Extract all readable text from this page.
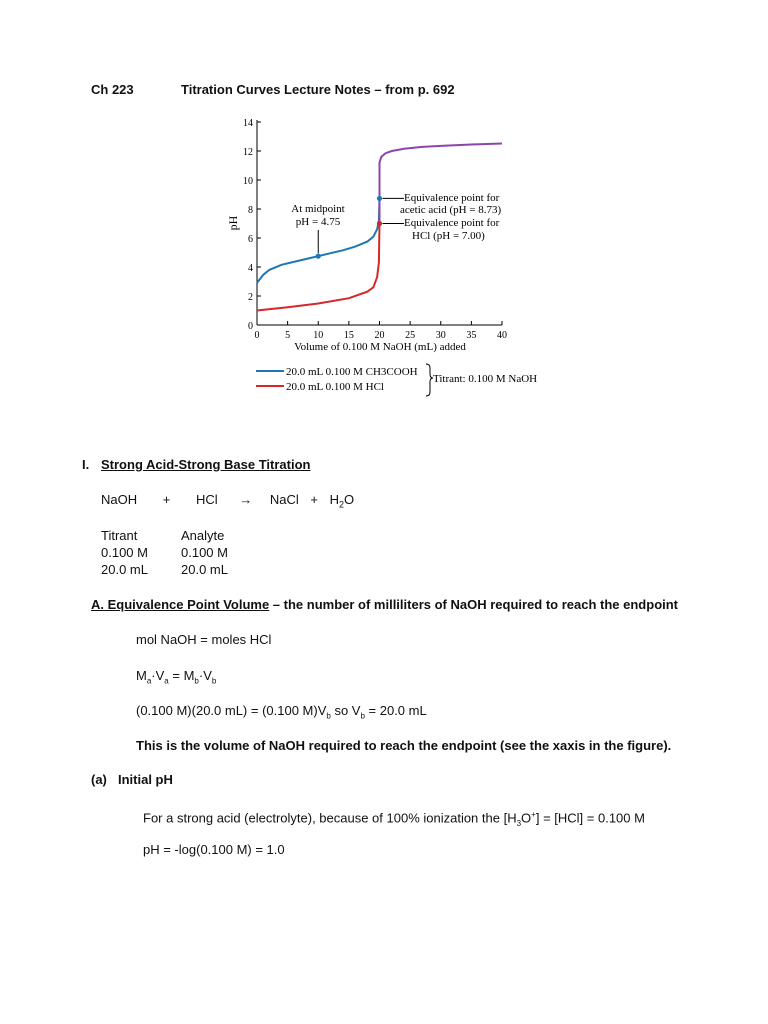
Ch 223	Titration Curves Lecture Notes – from p. 692
0
2
4
6
8
10
12
14
0	5 10 15 20 25 30 35 40
At midpoint
pH = 4.75
Equivalence point for
acetic acid (pH = 8.73)
Equivalence point for
HCl (pH = 7.00)
pH
Volume of 0.100 M NaOH (mL) added
20.0 mL 0.100 M CH3COOH
20.0 mL 0.100 M HCl
Titrant: 0.100 M NaOH
I. Strong Acid-Strong Base Titration
NaOH + HCl → NaCl + $H_2O$
Titrant
0.100 M
20.0 mL
Analyte
0.100 M
20.0 mL
A. Equivalence Point Volume – the number of milliliters of NaOH required to reach the endpoint
mol NaOH = moles HCl
$M_a\cdot V_a = M_b\cdot V_b$
(0.100 M)(20.0 mL) = (0.100 $M)V_b$ so $V_b = 20.0$ mL
This is the volume of NaOH required to reach the endpoint (see the xaxis in the figure).
(a) Initial pH
For a strong acid (electrolyte), because of 100% ionization the $[H_3O^+] = [HCl] = 0.100$ M
pH = -log(0.100 M) = 1.0
